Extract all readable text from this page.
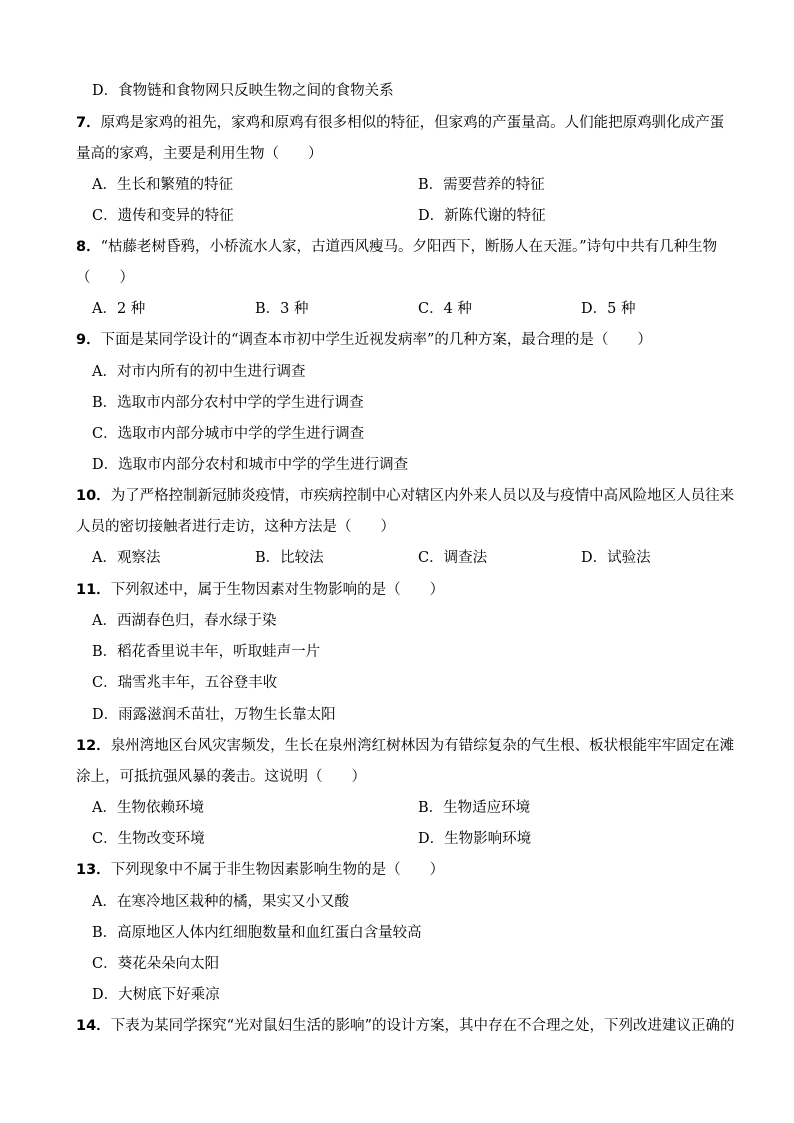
D．食物链和食物网只反映生物之间的食物关系
7．原鸡是家鸡的祖先，家鸡和原鸡有很多相似的特征，但家鸡的产蛋量高。人们能把原鸡驯化成产蛋
量高的家鸡，主要是利用生物（　　）
A．生长和繁殖的特征	B．需要营养的特征
C．遗传和变异的特征	D．新陈代谢的特征
8．“枯藤老树昏鸦，小桥流水人家，古道西风瘦马。夕阳西下，断肠人在天涯。”诗句中共有几种生物
（　　）
A．2 种	B．3 种	C．4 种	D．5 种
9．下面是某同学设计的“调查本市初中学生近视发病率”的几种方案，最合理的是（　　）
A．对市内所有的初中生进行调查
B．选取市内部分农村中学的学生进行调查
C．选取市内部分城市中学的学生进行调查
D．选取市内部分农村和城市中学的学生进行调查
10．为了严格控制新冠肺炎疫情，市疾病控制中心对辖区内外来人员以及与疫情中高风险地区人员往来
人员的密切接触者进行走访，这种方法是（　　）
A．观察法	B．比较法	C．调查法	D．试验法
11．下列叙述中，属于生物因素对生物影响的是（　　）
A．西湖春色归，春水绿于染
B．稻花香里说丰年，听取蛙声一片
C．瑞雪兆丰年，五谷登丰收
D．雨露滋润禾苗壮，万物生长靠太阳
12．泉州湾地区台风灾害频发，生长在泉州湾红树林因为有错综复杂的气生根、板状根能牢牢固定在滩
涂上，可抵抗强风暴的袭击。这说明（　　）
A．生物依赖环境	B．生物适应环境
C．生物改变环境	D．生物影响环境
13．下列现象中不属于非生物因素影响生物的是（　　）
A．在寒冷地区栽种的橘，果实又小又酸
B．高原地区人体内红细胞数量和血红蛋白含量较高
C．葵花朵朵向太阳
D．大树底下好乘凉
14．下表为某同学探究“光对鼠妇生活的影响”的设计方案，其中存在不合理之处，下列改进建议正确的
